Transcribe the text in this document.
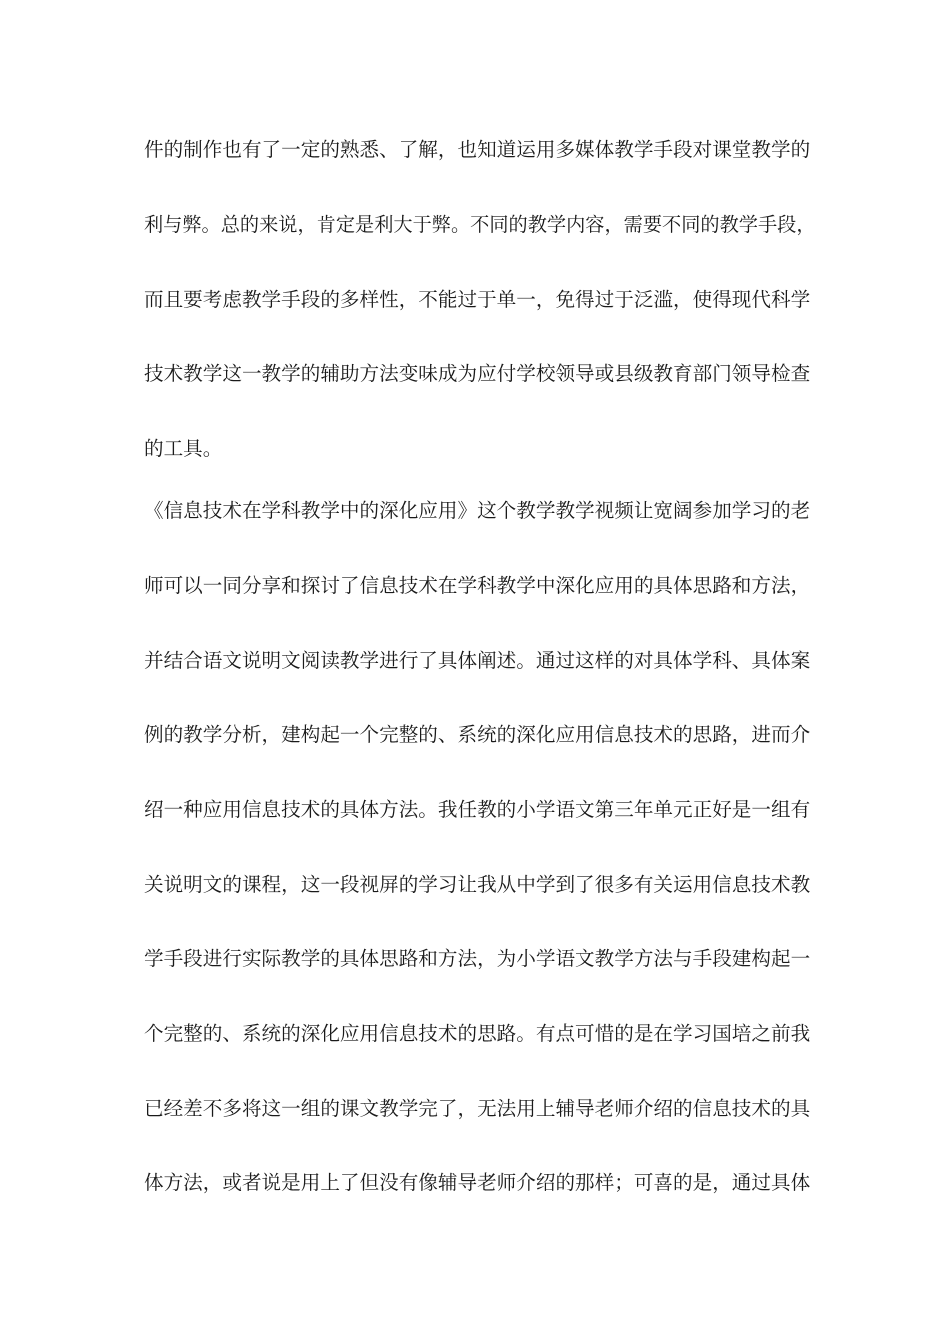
件的制作也有了一定的熟悉、了解，也知道运用多媒体教学手段对课堂教学的
利与弊。总的来说，肯定是利大于弊。不同的教学内容，需要不同的教学手段，
而且要考虑教学手段的多样性，不能过于单一，免得过于泛滥，使得现代科学
技术教学这一教学的辅助方法变味成为应付学校领导或县级教育部门领导检查
的工具。
《信息技术在学科教学中的深化应用》这个教学教学视频让宽阔参加学习的老
师可以一同分享和探讨了信息技术在学科教学中深化应用的具体思路和方法，
并结合语文说明文阅读教学进行了具体阐述。通过这样的对具体学科、具体案
例的教学分析，建构起一个完整的、系统的深化应用信息技术的思路，进而介
绍一种应用信息技术的具体方法。我任教的小学语文第三年单元正好是一组有
关说明文的课程，这一段视屏的学习让我从中学到了很多有关运用信息技术教
学手段进行实际教学的具体思路和方法，为小学语文教学方法与手段建构起一
个完整的、系统的深化应用信息技术的思路。有点可惜的是在学习国培之前我
已经差不多将这一组的课文教学完了，无法用上辅导老师介绍的信息技术的具
体方法，或者说是用上了但没有像辅导老师介绍的那样；可喜的是，通过具体
